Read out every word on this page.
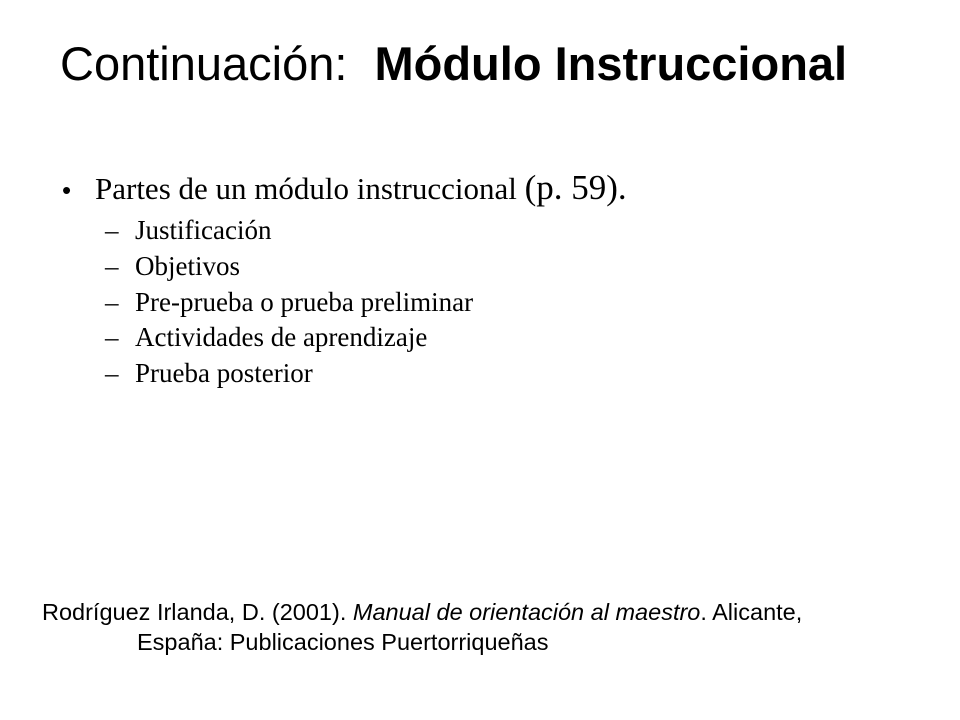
Continuación: Módulo Instruccional
• Partes de un módulo instruccional (p. 59).
– Justificación
– Objetivos
– Pre-prueba o prueba preliminar
– Actividades de aprendizaje
– Prueba posterior
Rodríguez Irlanda, D. (2001). Manual de orientación al maestro. Alicante,
España: Publicaciones Puertorriqueñas
